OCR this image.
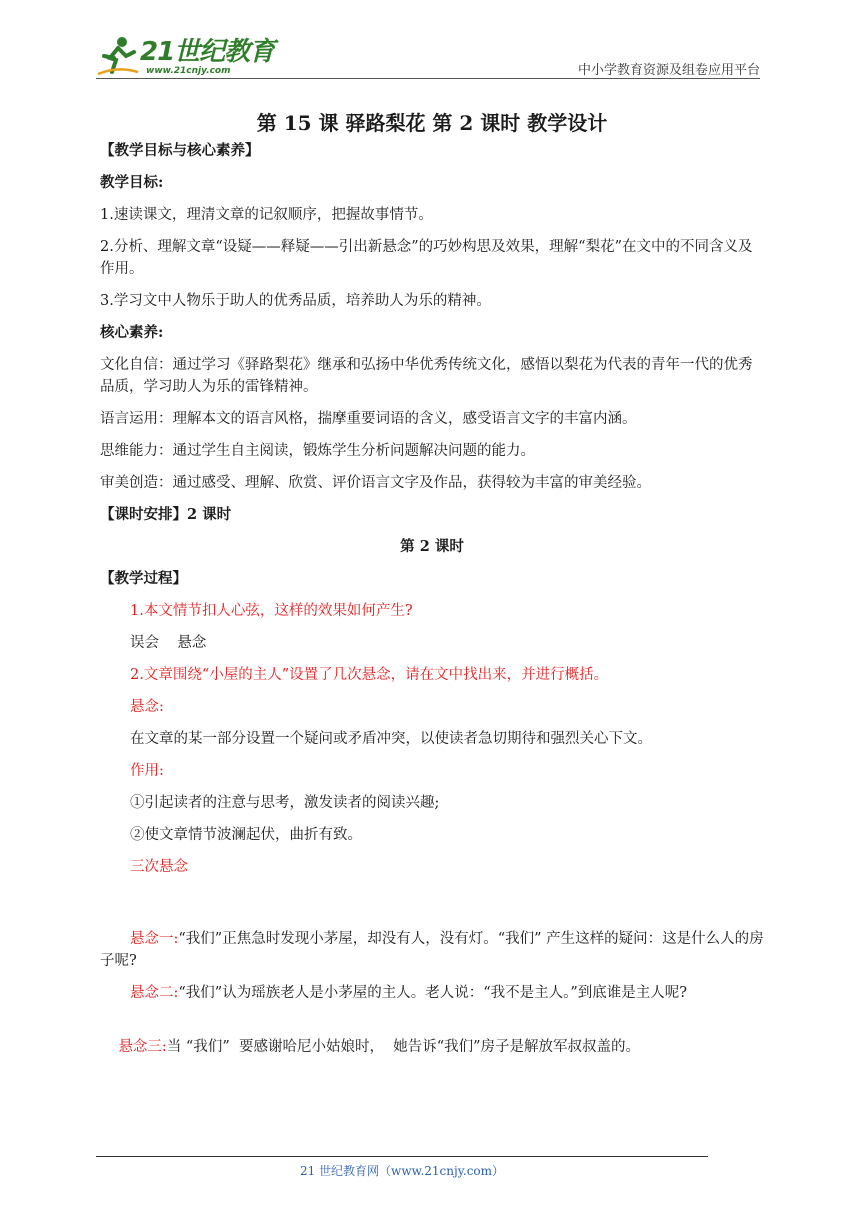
21世纪教育
www.21cnjy.com	中小学教育资源及组卷应用平台
第 15 课 驿路梨花 第 2 课时 教学设计

【教学目标与核心素养】

教学目标:

1.速读课文，理清文章的记叙顺序，把握故事情节。

2.分析、理解文章“设疑——释疑——引出新悬念”的巧妙构思及效果，理解“梨花”在文中的不同含义及作用。

3.学习文中人物乐于助人的优秀品质，培养助人为乐的精神。

核心素养:

文化自信：通过学习《驿路梨花》继承和弘扬中华优秀传统文化，感悟以梨花为代表的青年一代的优秀品质，学习助人为乐的雷锋精神。

语言运用：理解本文的语言风格，揣摩重要词语的含义，感受语言文字的丰富内涵。

思维能力：通过学生自主阅读，锻炼学生分析问题解决问题的能力。

审美创造：通过感受、理解、欣赏、评价语言文字及作品，获得较为丰富的审美经验。

【课时安排】2 课时

第 2 课时

【教学过程】

1.本文情节扣人心弦，这样的效果如何产生?

误会    悬念

2.文章围绕“小屋的主人”设置了几次悬念，请在文中找出来，并进行概括。

悬念:

在文章的某一部分设置一个疑问或矛盾冲突，以使读者急切期待和强烈关心下文。

作用:

①引起读者的注意与思考，激发读者的阅读兴趣;

②使文章情节波澜起伏，曲折有致。

三次悬念

悬念一:“我们”正焦急时发现小茅屋，却没有人，没有灯。“我们” 产生这样的疑问：这是什么人的房子呢?

悬念二:“我们”认为瑶族老人是小茅屋的主人。老人说：“我不是主人。”到底谁是主人呢?

悬念三:当 “我们”  要感谢哈尼小姑娘时，  她告诉“我们”房子是解放军叔叔盖的。

21 世纪教育网（www.21cnjy.com）
